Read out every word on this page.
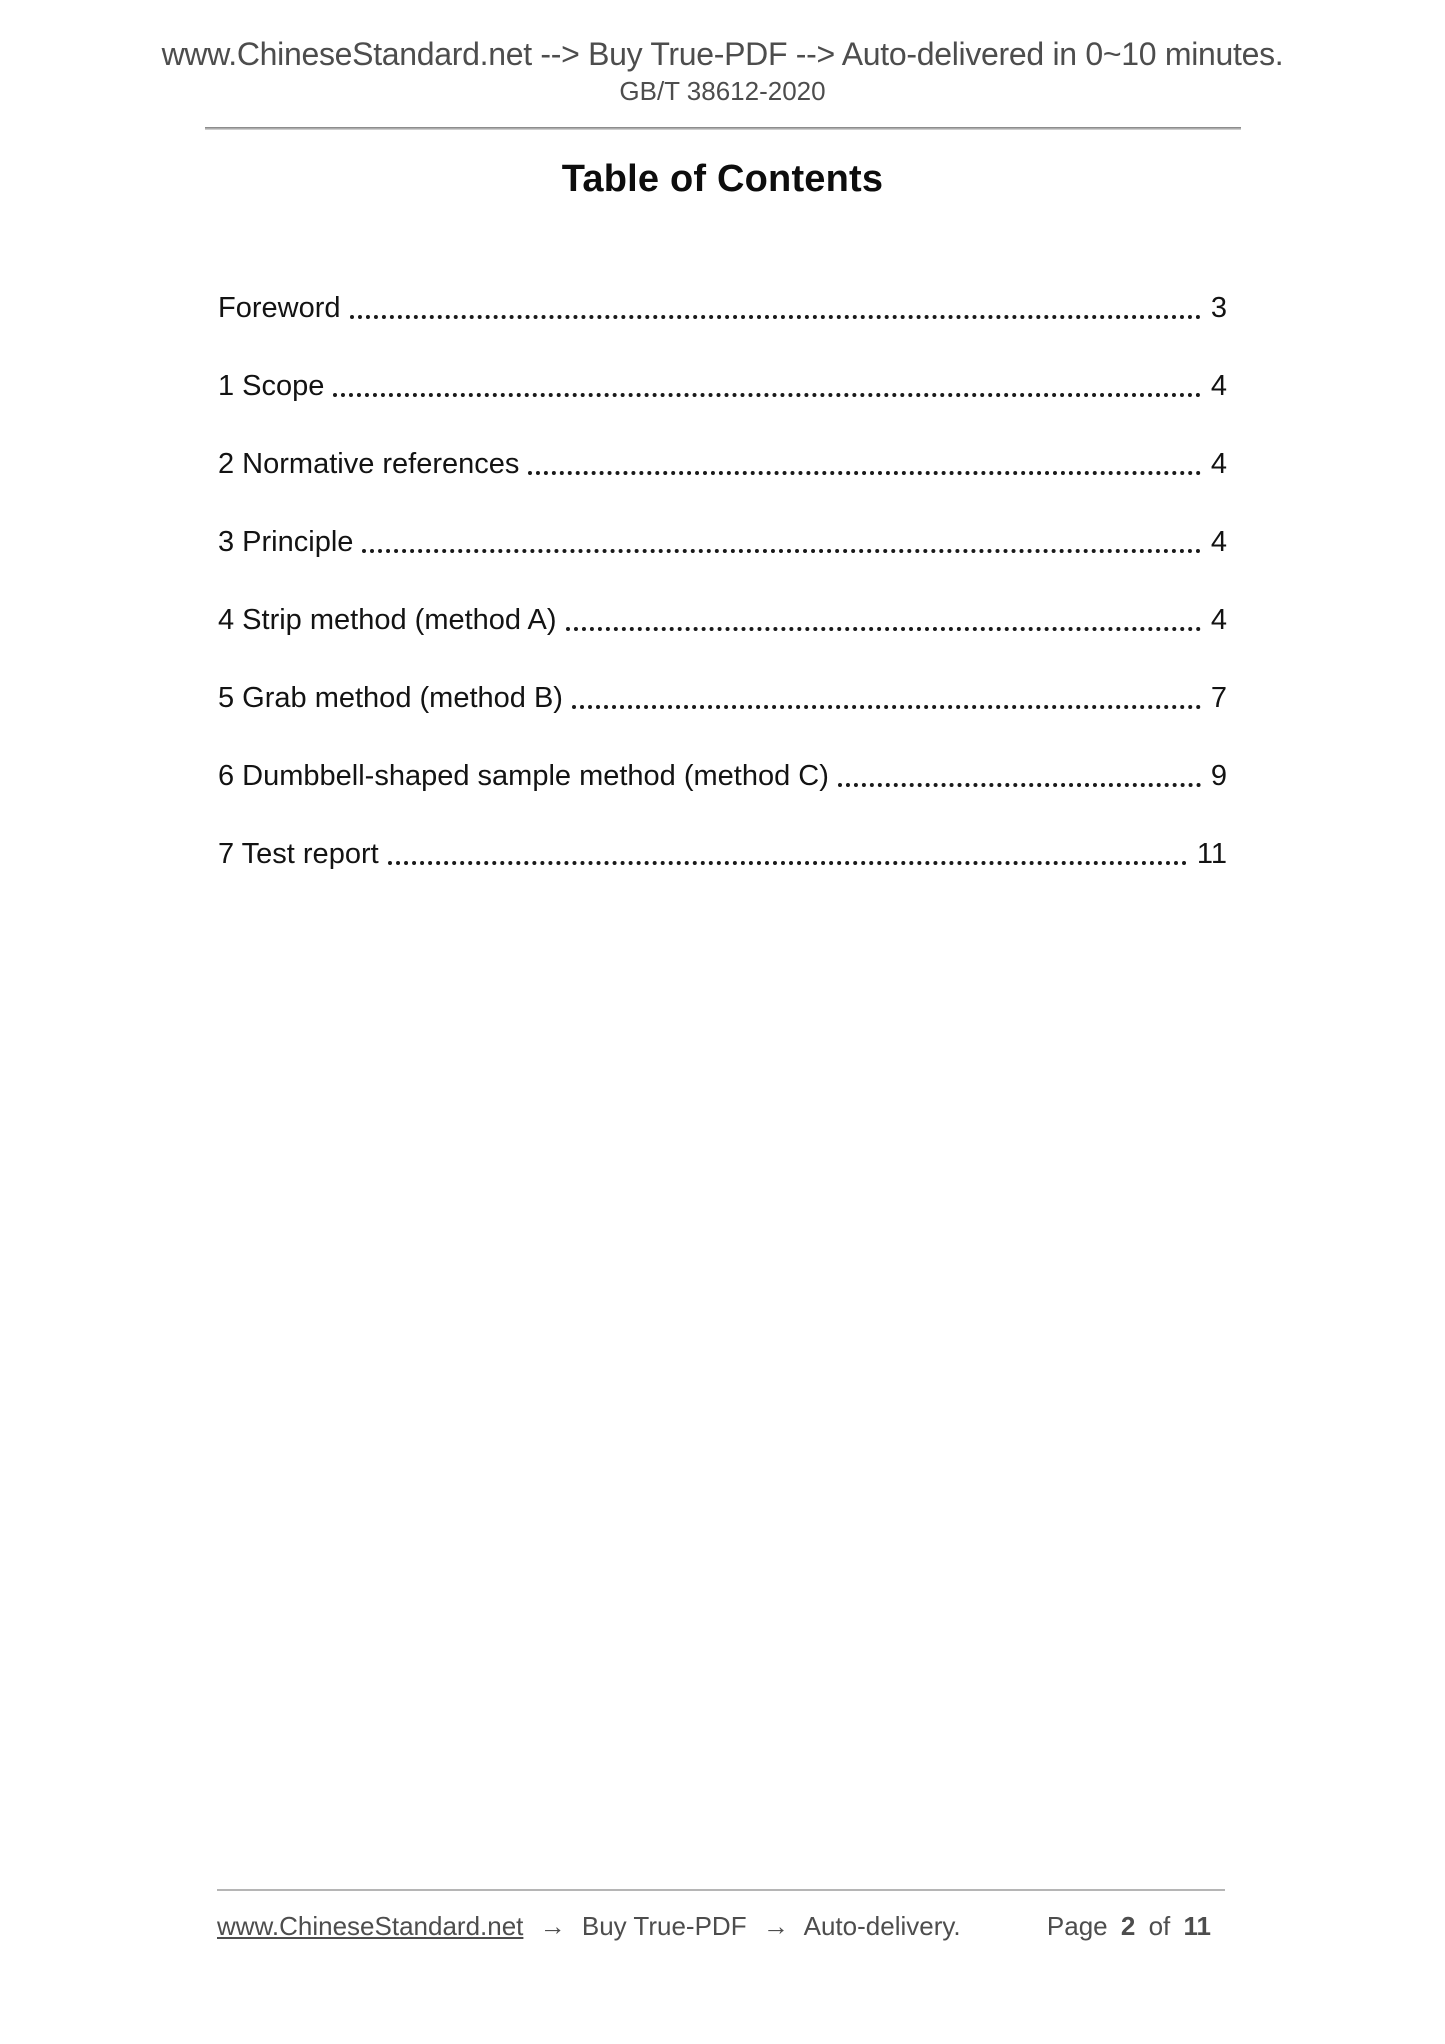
www.ChineseStandard.net --> Buy True-PDF --> Auto-delivered in 0~10 minutes.
GB/T 38612-2020
Table of Contents
Foreword	3
1 Scope	4
2 Normative references	4
3 Principle	4
4 Strip method (method A)	4
5 Grab method (method B)	7
6 Dumbbell-shaped sample method (method C)	9
7 Test report	11
www.ChineseStandard.net → Buy True-PDF → Auto-delivery.	Page 2 of 11
